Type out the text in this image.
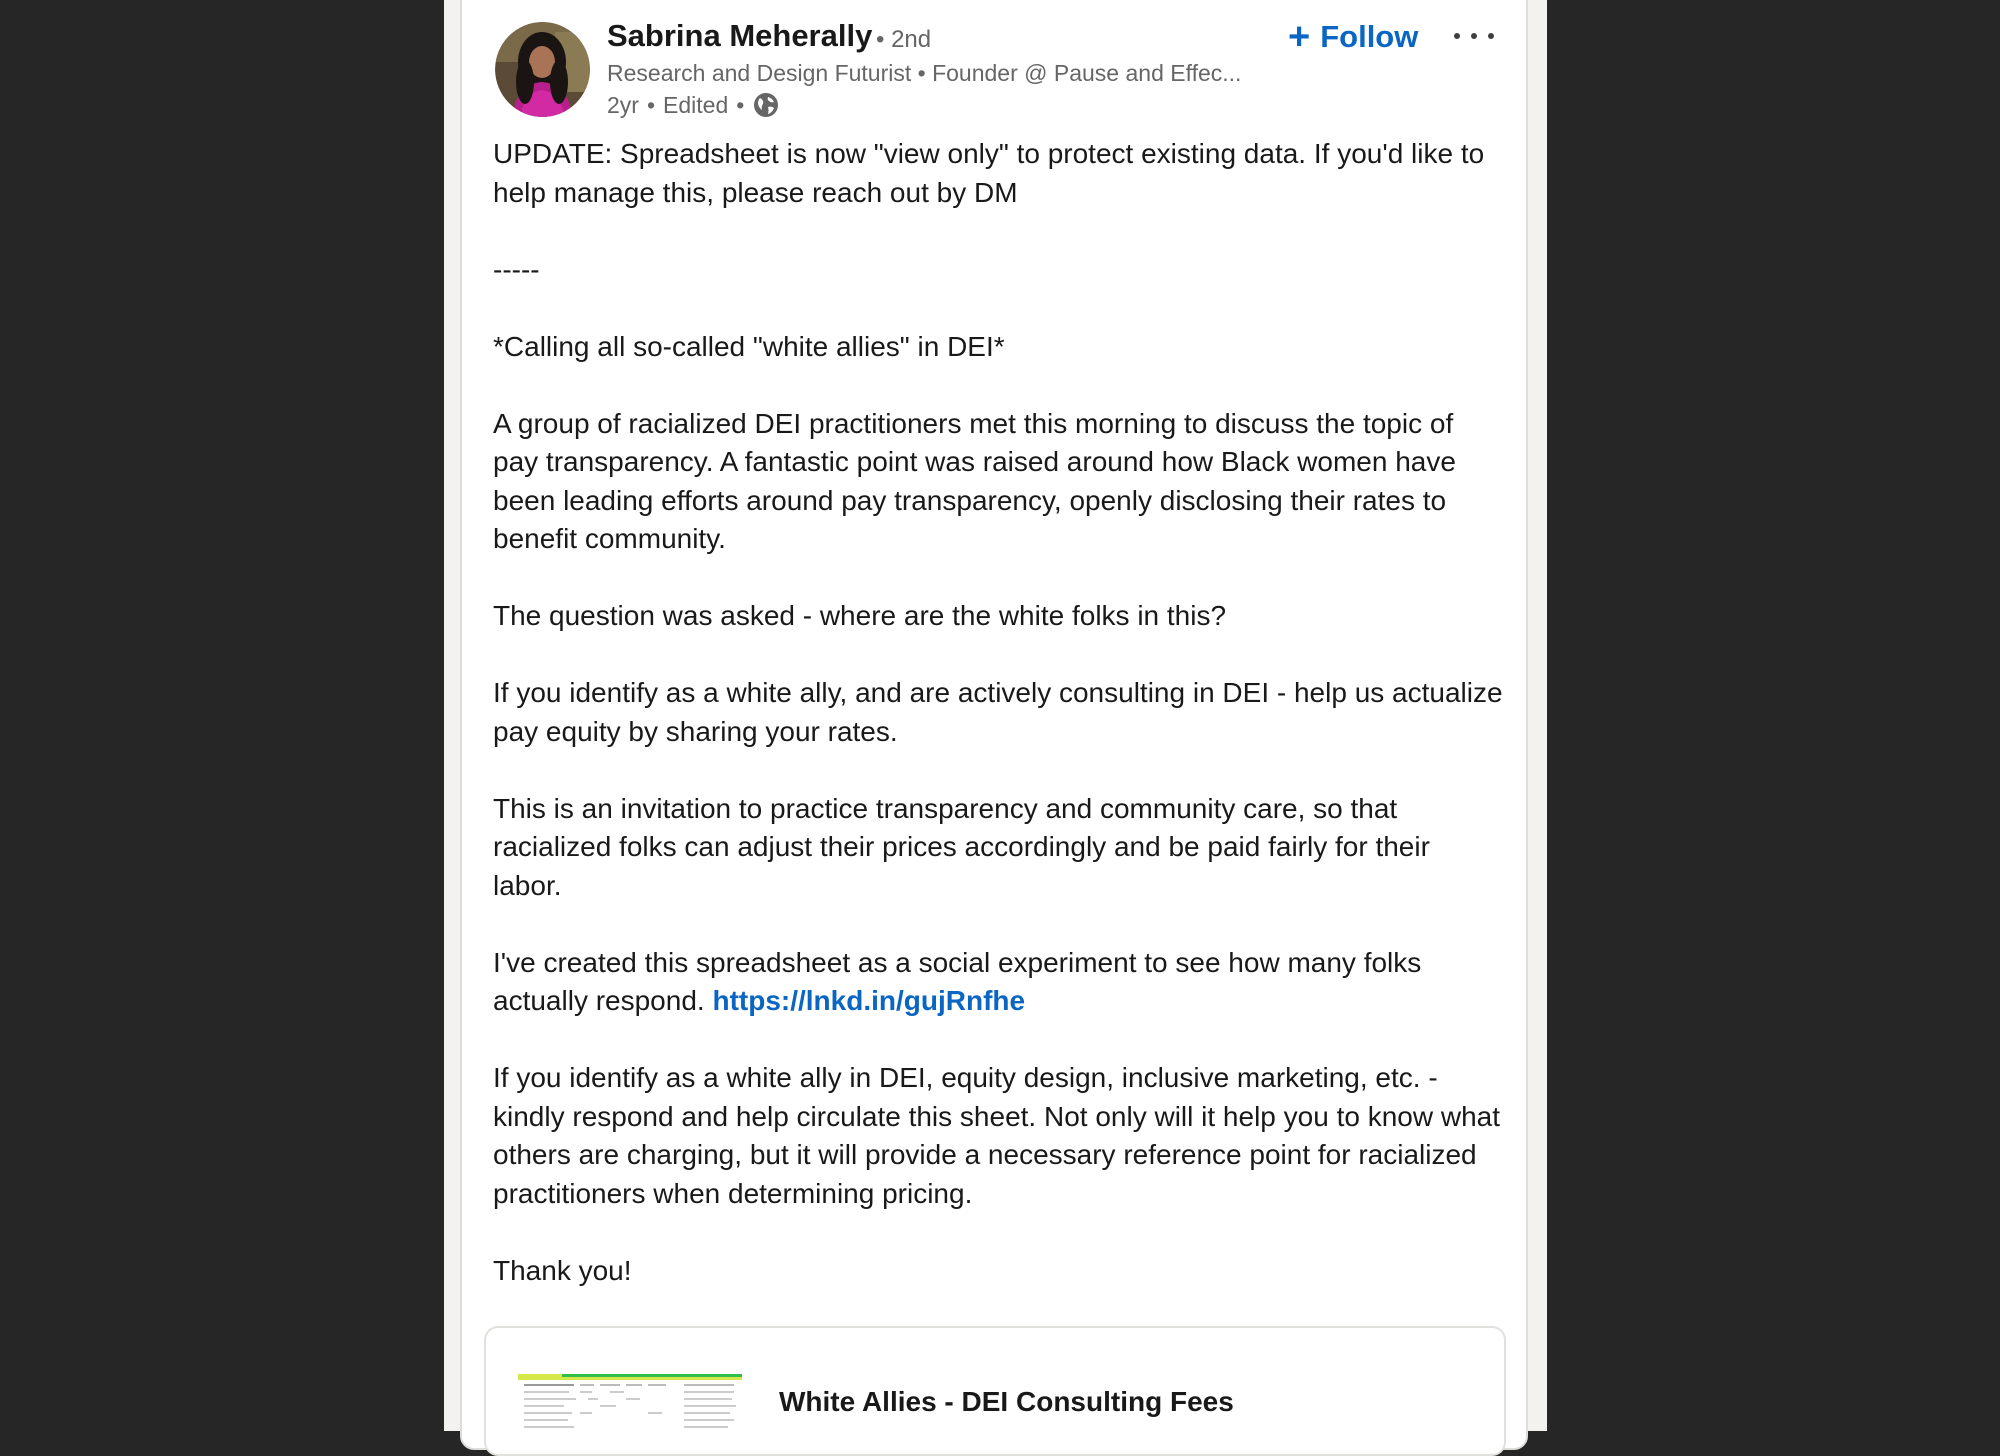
Sabrina Meherally • 2nd
Research and Design Futurist • Founder @ Pause and Effec...
2yr • Edited •
+ Follow

UPDATE: Spreadsheet is now "view only" to protect existing data. If you'd like to help manage this, please reach out by DM

-----

*Calling all so-called "white allies" in DEI*

A group of racialized DEI practitioners met this morning to discuss the topic of pay transparency. A fantastic point was raised around how Black women have been leading efforts around pay transparency, openly disclosing their rates to benefit community.

The question was asked - where are the white folks in this?

If you identify as a white ally, and are actively consulting in DEI - help us actualize pay equity by sharing your rates.

This is an invitation to practice transparency and community care, so that racialized folks can adjust their prices accordingly and be paid fairly for their labor.

I've created this spreadsheet as a social experiment to see how many folks actually respond. https://lnkd.in/gujRnfhe

If you identify as a white ally in DEI, equity design, inclusive marketing, etc. - kindly respond and help circulate this sheet. Not only will it help you to know what others are charging, but it will provide a necessary reference point for racialized practitioners when determining pricing.

Thank you!

White Allies - DEI Consulting Fees
